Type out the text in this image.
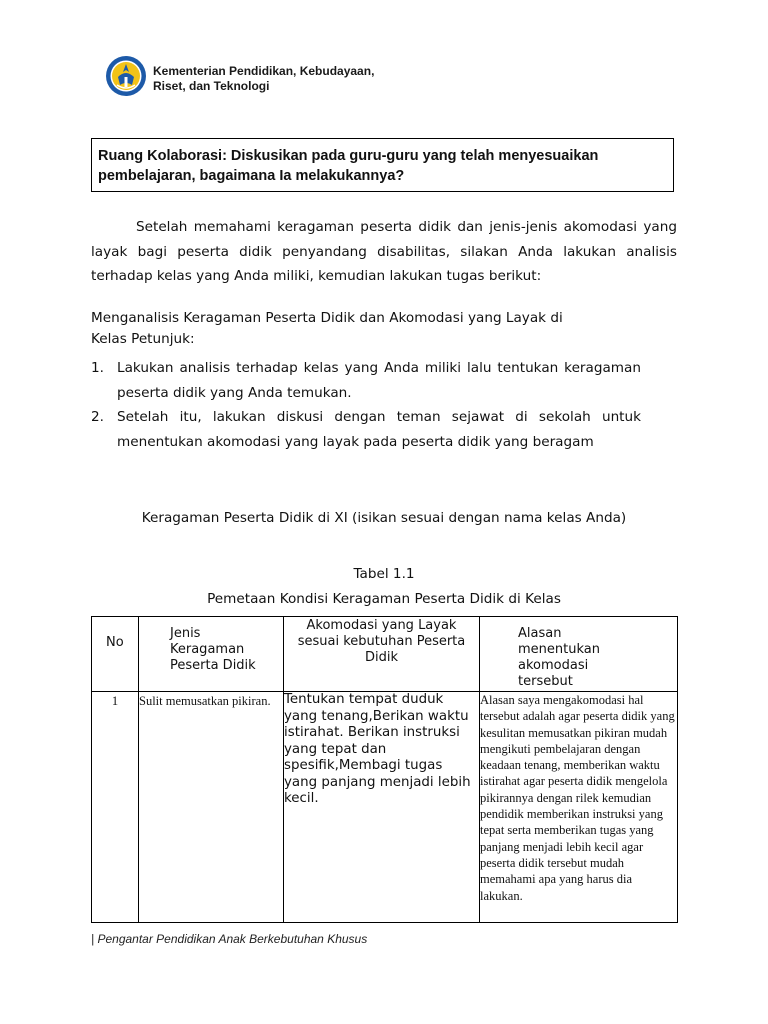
Kementerian Pendidikan, Kebudayaan,
Riset, dan Teknologi

Ruang Kolaborasi: Diskusikan pada guru-guru yang telah menyesuaikan pembelajaran, bagaimana Ia melakukannya?

Setelah memahami keragaman peserta didik dan jenis-jenis akomodasi yang layak bagi peserta didik penyandang disabilitas, silakan Anda lakukan analisis terhadap kelas yang Anda miliki, kemudian lakukan tugas berikut:

Menganalisis Keragaman Peserta Didik dan Akomodasi yang Layak di
Kelas Petunjuk:

1. Lakukan analisis terhadap kelas yang Anda miliki lalu tentukan keragaman peserta didik yang Anda temukan.
2. Setelah itu, lakukan diskusi dengan teman sejawat di sekolah untuk menentukan akomodasi yang layak pada peserta didik yang beragam

Keragaman Peserta Didik di XI (isikan sesuai dengan nama kelas Anda)

Tabel 1.1

Pemetaan Kondisi Keragaman Peserta Didik di Kelas

No	Jenis Keragaman Peserta Didik	Akomodasi yang Layak sesuai kebutuhan Peserta Didik	Alasan menentukan akomodasi tersebut

1	Sulit memusatkan pikiran.	Tentukan tempat duduk yang tenang,Berikan waktu istirahat. Berikan instruksi yang tepat dan spesifik,Membagi tugas yang panjang menjadi lebih kecil.	Alasan saya mengakomodasi hal tersebut adalah agar peserta didik yang kesulitan memusatkan pikiran mudah mengikuti pembelajaran dengan keadaan tenang, memberikan waktu istirahat agar peserta didik mengelola pikirannya dengan rilek kemudian pendidik memberikan instruksi yang tepat serta memberikan tugas yang panjang menjadi lebih kecil agar peserta didik tersebut mudah memahami apa yang harus dia lakukan.
| Pengantar Pendidikan Anak Berkebutuhan Khusus
